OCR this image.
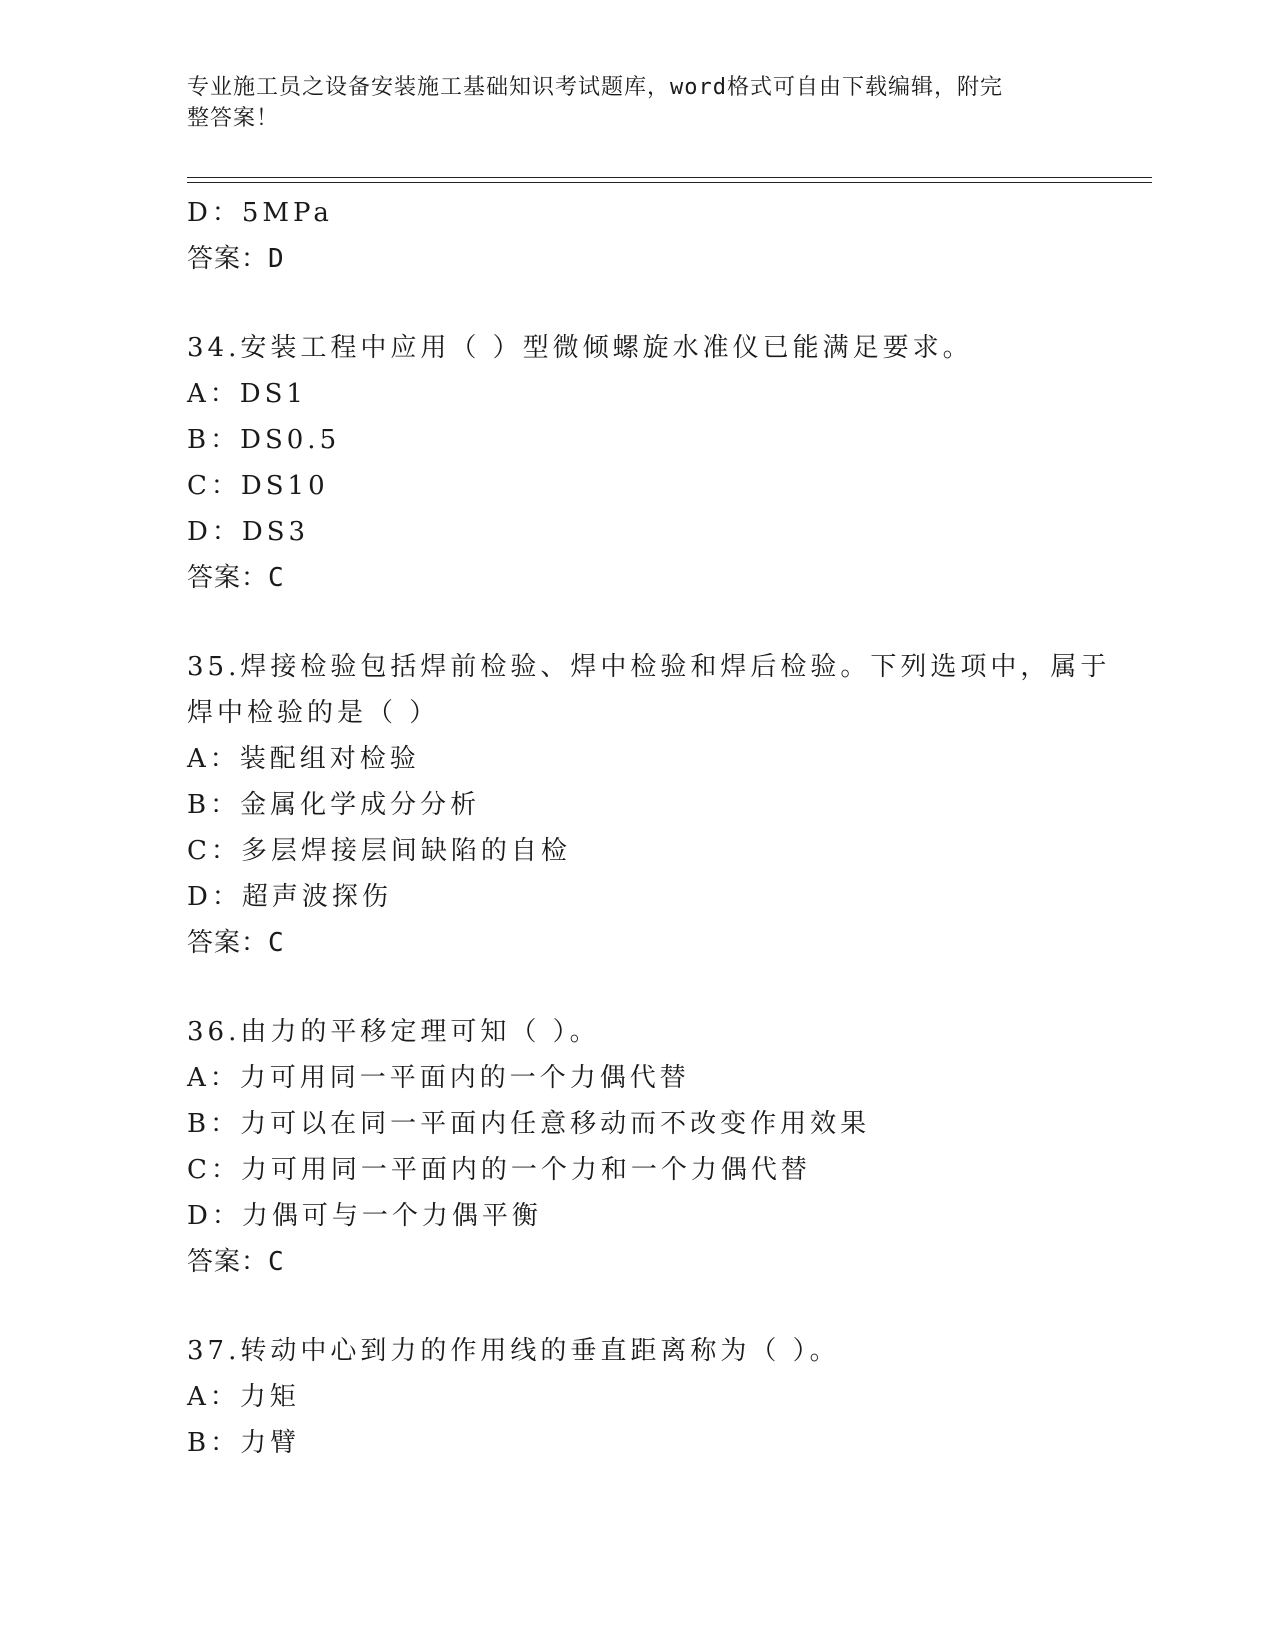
专业施工员之设备安装施工基础知识考试题库，word格式可自由下载编辑，附完
整答案！
D：5MPa
答案：D
34.安装工程中应用（ ）型微倾螺旋水准仪已能满足要求。
A：DS1
B：DS0.5
C：DS10
D：DS3
答案：C
35.焊接检验包括焊前检验、焊中检验和焊后检验。下列选项中，属于
焊中检验的是（ ）
A：装配组对检验
B：金属化学成分分析
C：多层焊接层间缺陷的自检
D：超声波探伤
答案：C
36.由力的平移定理可知（ ）。
A：力可用同一平面内的一个力偶代替
B：力可以在同一平面内任意移动而不改变作用效果
C：力可用同一平面内的一个力和一个力偶代替
D：力偶可与一个力偶平衡
答案：C
37.转动中心到力的作用线的垂直距离称为（ ）。
A：力矩
B：力臂
